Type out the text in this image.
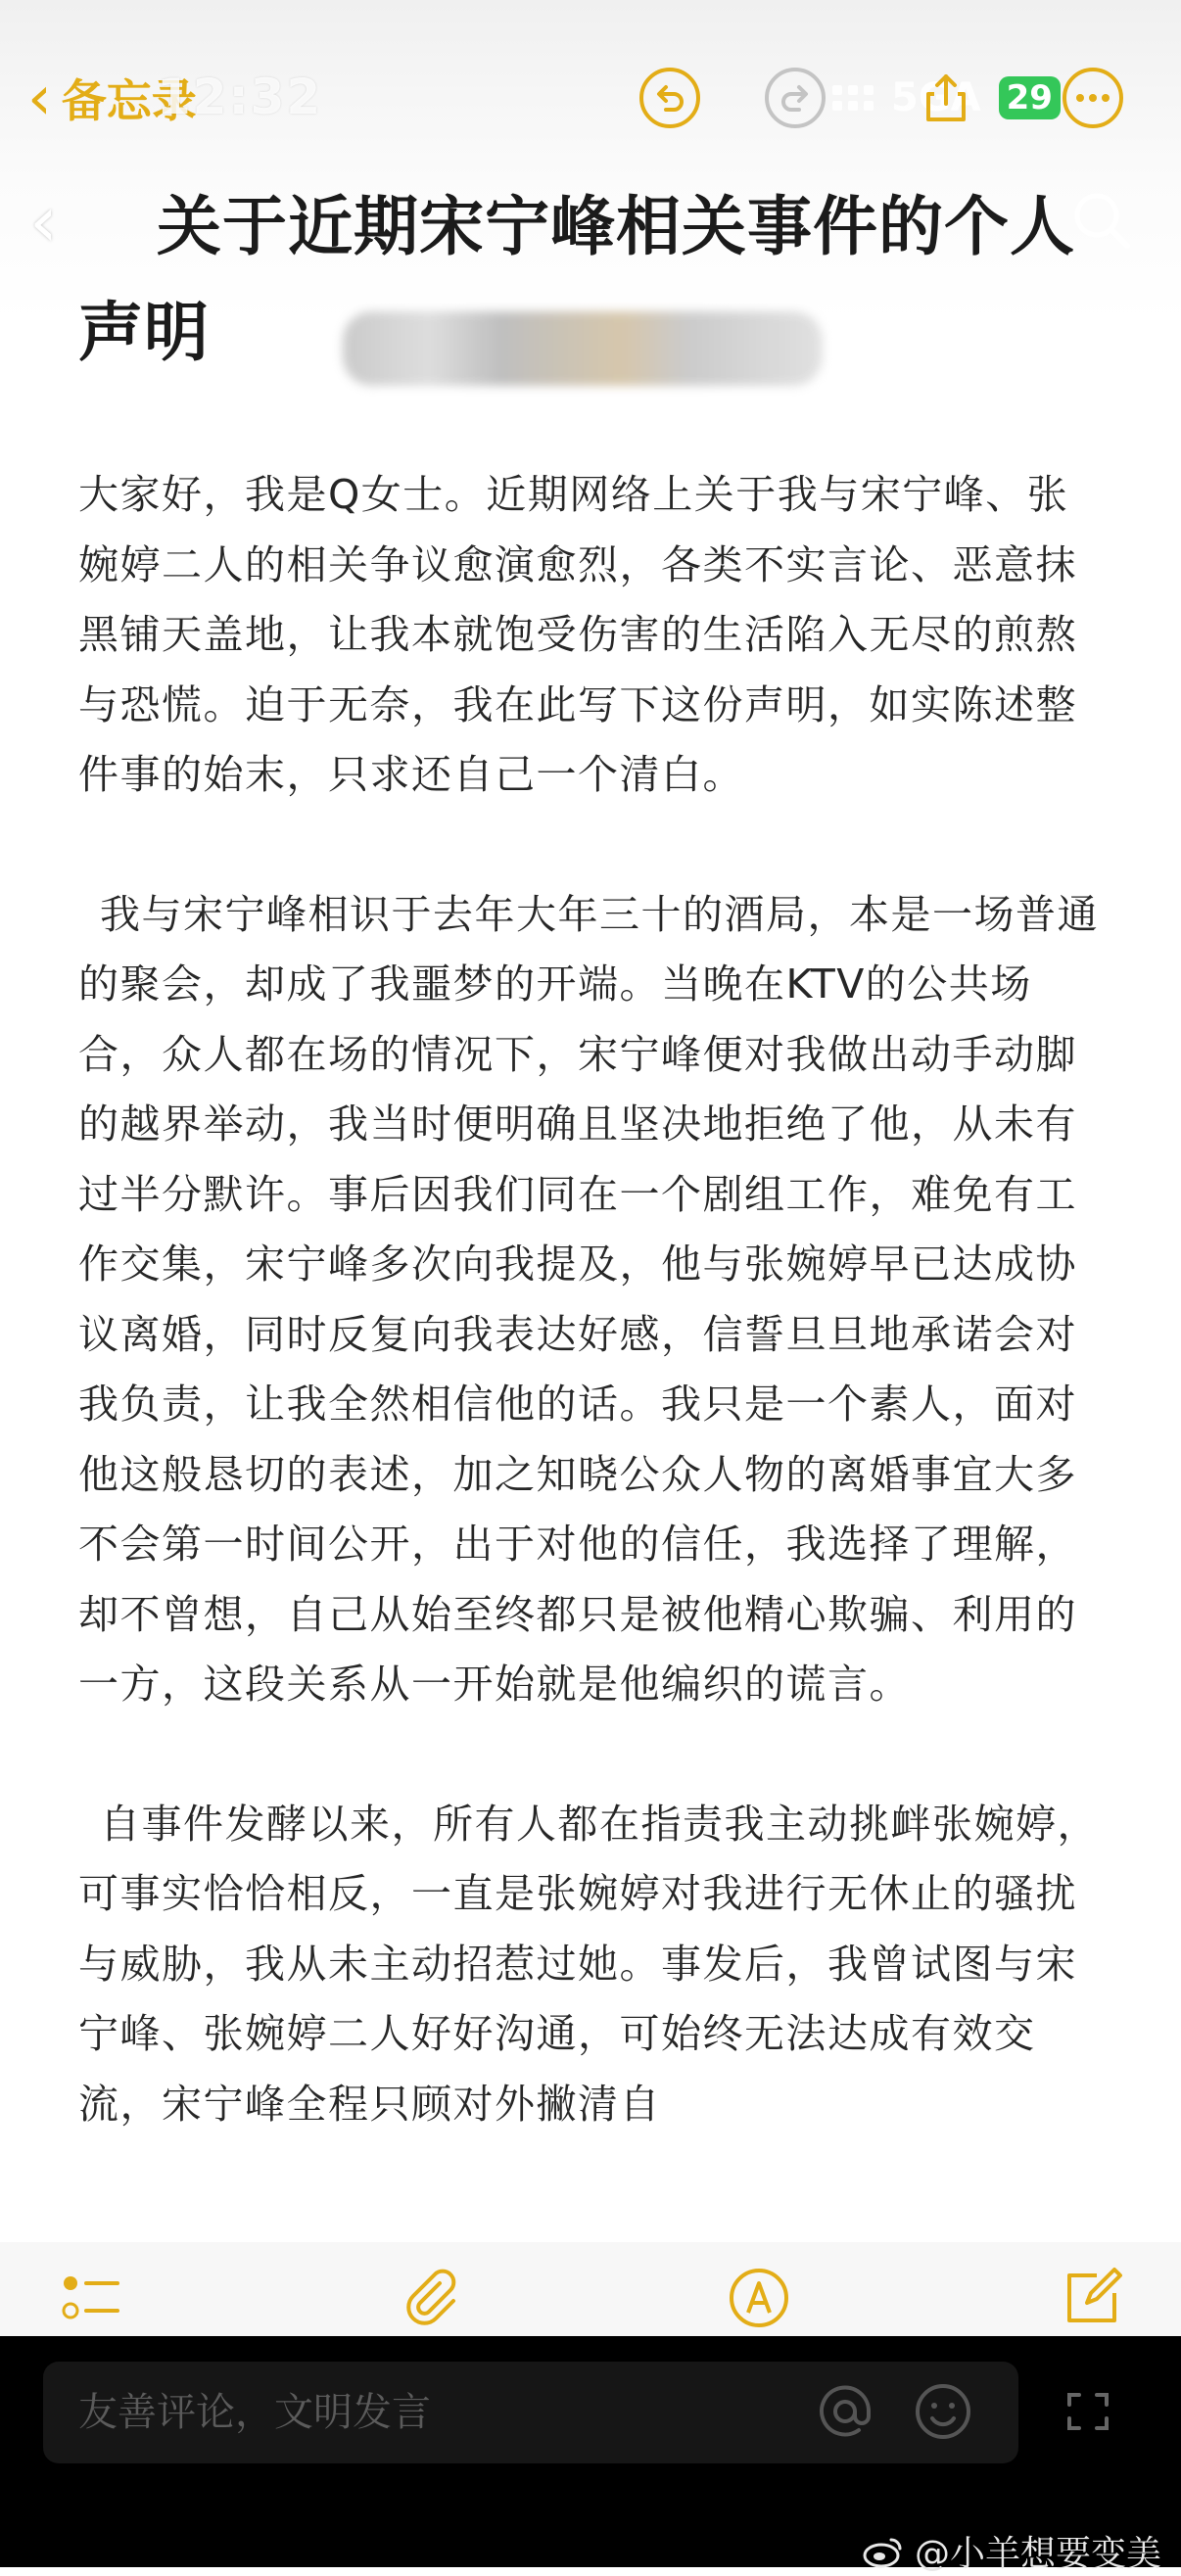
‹ 备忘录
12:32	5GA 29
‹	关于近期宋宁峰相关事件的个人声明

大家好，我是Q女士。近期网络上关于我与宋宁峰、张婉婷二人的相关争议愈演愈烈，各类不实言论、恶意抹黑铺天盖地，让我本就饱受伤害的生活陷入无尽的煎熬与恐慌。迫于无奈，我在此写下这份声明，如实陈述整件事的始末，只求还自己一个清白。

我与宋宁峰相识于去年大年三十的酒局，本是一场普通的聚会，却成了我噩梦的开端。当晚在KTV的公共场合，众人都在场的情况下，宋宁峰便对我做出动手动脚的越界举动，我当时便明确且坚决地拒绝了他，从未有过半分默许。事后因我们同在一个剧组工作，难免有工作交集，宋宁峰多次向我提及，他与张婉婷早已达成协议离婚，同时反复向我表达好感，信誓旦旦地承诺会对我负责，让我全然相信他的话。我只是一个素人，面对他这般恳切的表述，加之知晓公众人物的离婚事宜大多不会第一时间公开，出于对他的信任，我选择了理解，却不曾想，自己从始至终都只是被他精心欺骗、利用的一方，这段关系从一开始就是他编织的谎言。

自事件发酵以来，所有人都在指责我主动挑衅张婉婷，可事实恰恰相反，一直是张婉婷对我进行无休止的骚扰与威胁，我从未主动招惹过她。事发后，我曾试图与宋宁峰、张婉婷二人好好沟通，可始终无法达成有效交流，宋宁峰全程只顾对外撇清自

友善评论，文明发言
@小羊想要变美
